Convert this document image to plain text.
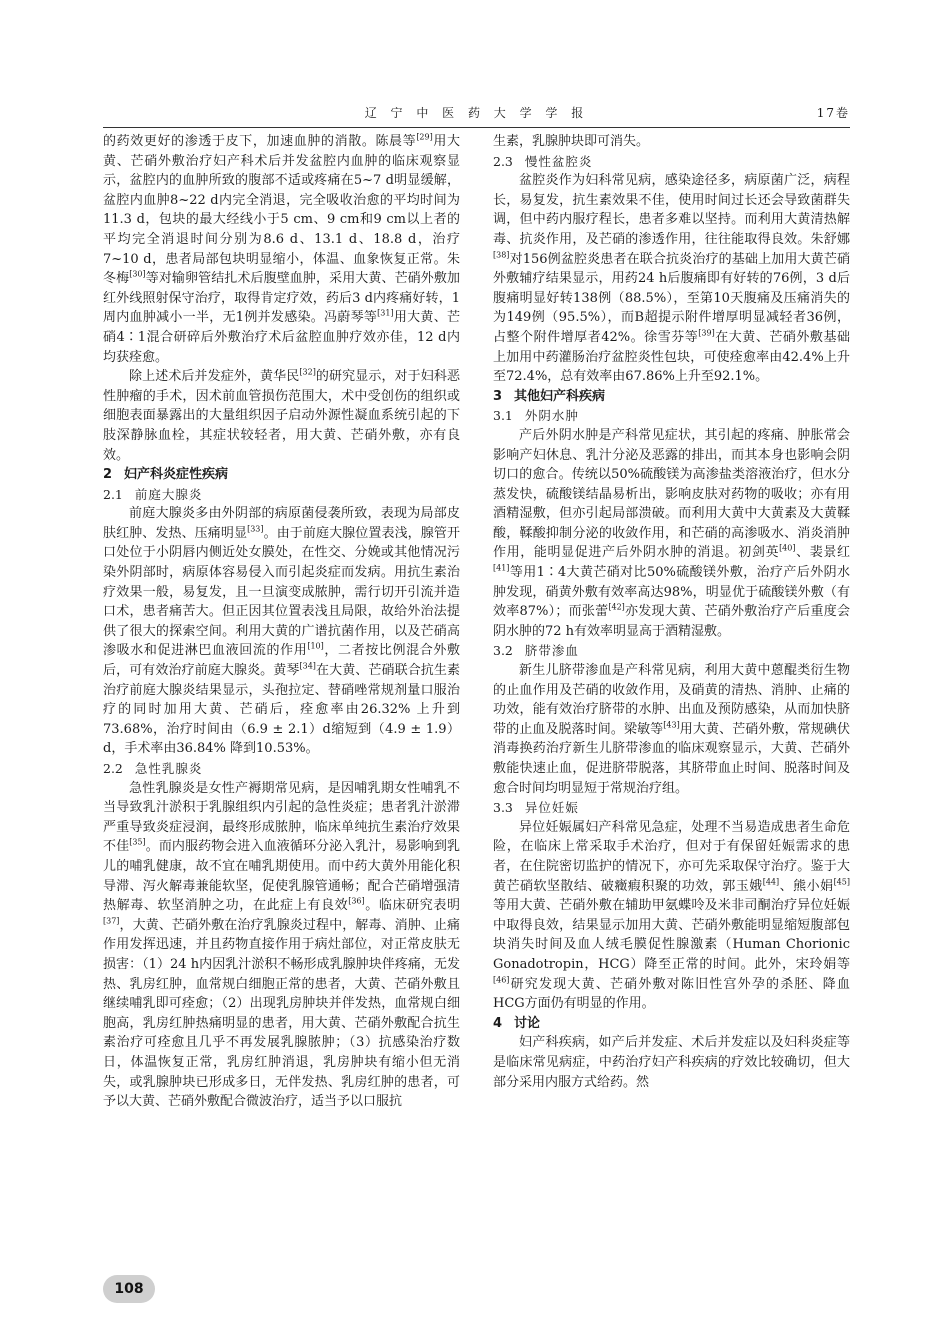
辽 宁 中 医 药 大 学 学 报	17卷

的药效更好的渗透于皮下，加速血肿的消散。陈晨等[29]用大黄、芒硝外敷治疗妇产科术后并发盆腔内血肿的临床观察显示，盆腔内的血肿所致的腹部不适或疼痛在5~7 d明显缓解，盆腔内血肿8~22 d内完全消退，完全吸收治愈的平均时间为11.3 d，包块的最大经线小于5 cm、9 cm和9 cm以上者的平均完全消退时间分别为8.6 d、13.1 d、18.8 d，治疗7~10 d，患者局部包块明显缩小，体温、血象恢复正常。朱冬梅[30]等对输卵管结扎术后腹壁血肿，采用大黄、芒硝外敷加红外线照射保守治疗，取得肯定疗效，药后3 d内疼痛好转，1周内血肿减小一半，无1例并发感染。冯蔚琴等[31]用大黄、芒硝4∶1混合研碎后外敷治疗术后盆腔血肿疗效亦佳，12 d内均获痊愈。

除上述术后并发症外，黄华民[32]的研究显示，对于妇科恶性肿瘤的手术，因术前血管损伤范围大，术中受创伤的组织或细胞表面暴露出的大量组织因子启动外源性凝血系统引起的下肢深静脉血栓，其症状较轻者，用大黄、芒硝外敷，亦有良效。

2 妇产科炎症性疾病
2.1 前庭大腺炎

前庭大腺炎多由外阴部的病原菌侵袭所致，表现为局部皮肤红肿、发热、压痛明显[33]。由于前庭大腺位置表浅，腺管开口处位于小阴唇内侧近处女膜处，在性交、分娩或其他情况污染外阴部时，病原体容易侵入而引起炎症而发病。用抗生素治疗效果一般，易复发，且一旦演变成脓肿，需行切开引流并造口术，患者痛苦大。但正因其位置表浅且局限，故给外治法提供了很大的探索空间。利用大黄的广谱抗菌作用，以及芒硝高渗吸水和促进淋巴血液回流的作用[10]，二者按比例混合外敷后，可有效治疗前庭大腺炎。黄琴[34]在大黄、芒硝联合抗生素治疗前庭大腺炎结果显示，头孢拉定、替硝唑常规剂量口服治疗的同时加用大黄、芒硝后，痊愈率由26.32% 上升到73.68%，治疗时间由（6.9 ± 2.1）d缩短到（4.9 ± 1.9）d，手术率由36.84% 降到10.53%。

2.2 急性乳腺炎

急性乳腺炎是女性产褥期常见病，是因哺乳期女性哺乳不当导致乳汁淤积于乳腺组织内引起的急性炎症；患者乳汁淤滞严重导致炎症浸润，最终形成脓肿，临床单纯抗生素治疗效果不佳[35]。而内服药物会进入血液循环分泌入乳汁，易影响到乳儿的哺乳健康，故不宜在哺乳期使用。而中药大黄外用能化积导滞、泻火解毒兼能软坚，促使乳腺管通畅；配合芒硝增强清热解毒、软坚消肿之功，在此症上有良效[36]。临床研究表明[37]，大黄、芒硝外敷在治疗乳腺炎过程中，解毒、消肿、止痛作用发挥迅速，并且药物直接作用于病灶部位，对正常皮肤无损害：（1）24 h内因乳汁淤积不畅形成乳腺肿块伴疼痛，无发热、乳房红肿，血常规白细胞正常的患者，大黄、芒硝外敷且继续哺乳即可痊愈；（2）出现乳房肿块并伴发热，血常规白细胞高，乳房红肿热痛明显的患者，用大黄、芒硝外敷配合抗生素治疗可痊愈且几乎不再发展乳腺脓肿；（3）抗感染治疗数日，体温恢复正常，乳房红肿消退，乳房肿块有缩小但无消失，或乳腺肿块已形成多日，无伴发热、乳房红肿的患者，可予以大黄、芒硝外敷配合微波治疗，适当予以口服抗

生素，乳腺肿块即可消失。

2.3 慢性盆腔炎

盆腔炎作为妇科常见病，感染途径多，病原菌广泛，病程长，易复发，抗生素效果不佳，使用时间过长还会导致菌群失调，但中药内服疗程长，患者多难以坚持。而利用大黄清热解毒、抗炎作用，及芒硝的渗透作用，往往能取得良效。朱舒娜[38]对156例盆腔炎患者在联合抗炎治疗的基础上加用大黄芒硝外敷辅疗结果显示，用药24 h后腹痛即有好转的76例，3 d后腹痛明显好转138例（88.5%），至第10天腹痛及压痛消失的为149例（95.5%），而B超提示附件增厚明显减轻者36例，占整个附件增厚者42%。徐雪芬等[39]在大黄、芒硝外敷基础上加用中药灌肠治疗盆腔炎性包块，可使痊愈率由42.4%上升至72.4%，总有效率由67.86%上升至92.1%。

3 其他妇产科疾病
3.1 外阴水肿

产后外阴水肿是产科常见症状，其引起的疼痛、肿胀常会影响产妇休息、乳汁分泌及恶露的排出，而其本身也影响会阴切口的愈合。传统以50%硫酸镁为高渗盐类溶液治疗，但水分蒸发快，硫酸镁结晶易析出，影响皮肤对药物的吸收；亦有用酒精湿敷，但亦引起局部溃破。而利用大黄中大黄素及大黄鞣酸，鞣酸抑制分泌的收敛作用，和芒硝的高渗吸水、消炎消肿作用，能明显促进产后外阴水肿的消退。初剑英[40]、裴景红[41]等用1∶4大黄芒硝对比50%硫酸镁外敷，治疗产后外阴水肿发现，硝黄外敷有效率高达98%，明显优于硫酸镁外敷（有效率87%）；而张蕾[42]亦发现大黄、芒硝外敷治疗产后重度会阴水肿的72 h有效率明显高于酒精湿敷。

3.2 脐带渗血

新生儿脐带渗血是产科常见病，利用大黄中蒽醌类衍生物的止血作用及芒硝的收敛作用，及硝黄的清热、消肿、止痛的功效，能有效治疗脐带的水肿、出血及预防感染，从而加快脐带的止血及脱落时间。梁敏等[43]用大黄、芒硝外敷，常规碘伏消毒换药治疗新生儿脐带渗血的临床观察显示，大黄、芒硝外敷能快速止血，促进脐带脱落，其脐带血止时间、脱落时间及愈合时间均明显短于常规治疗组。

3.3 异位妊娠

异位妊娠属妇产科常见急症，处理不当易造成患者生命危险，在临床上常采取手术治疗，但对于有保留妊娠需求的患者，在住院密切监护的情况下，亦可先采取保守治疗。鉴于大黄芒硝软坚散结、破癥瘕积聚的功效，郭玉娥[44]、熊小娟[45]等用大黄、芒硝外敷在辅助甲氨蝶呤及米非司酮治疗异位妊娠中取得良效，结果显示加用大黄、芒硝外敷能明显缩短腹部包块消失时间及血人绒毛膜促性腺激素（Human Chorionic Gonadotropin，HCG）降至正常的时间。此外，宋玲娟等[46]研究发现大黄、芒硝外敷对陈旧性宫外孕的杀胚、降血HCG方面仍有明显的作用。

4 讨论

妇产科疾病，如产后并发症、术后并发症以及妇科炎症等是临床常见病症，中药治疗妇产科疾病的疗效比较确切，但大部分采用内服方式给药。然

108
